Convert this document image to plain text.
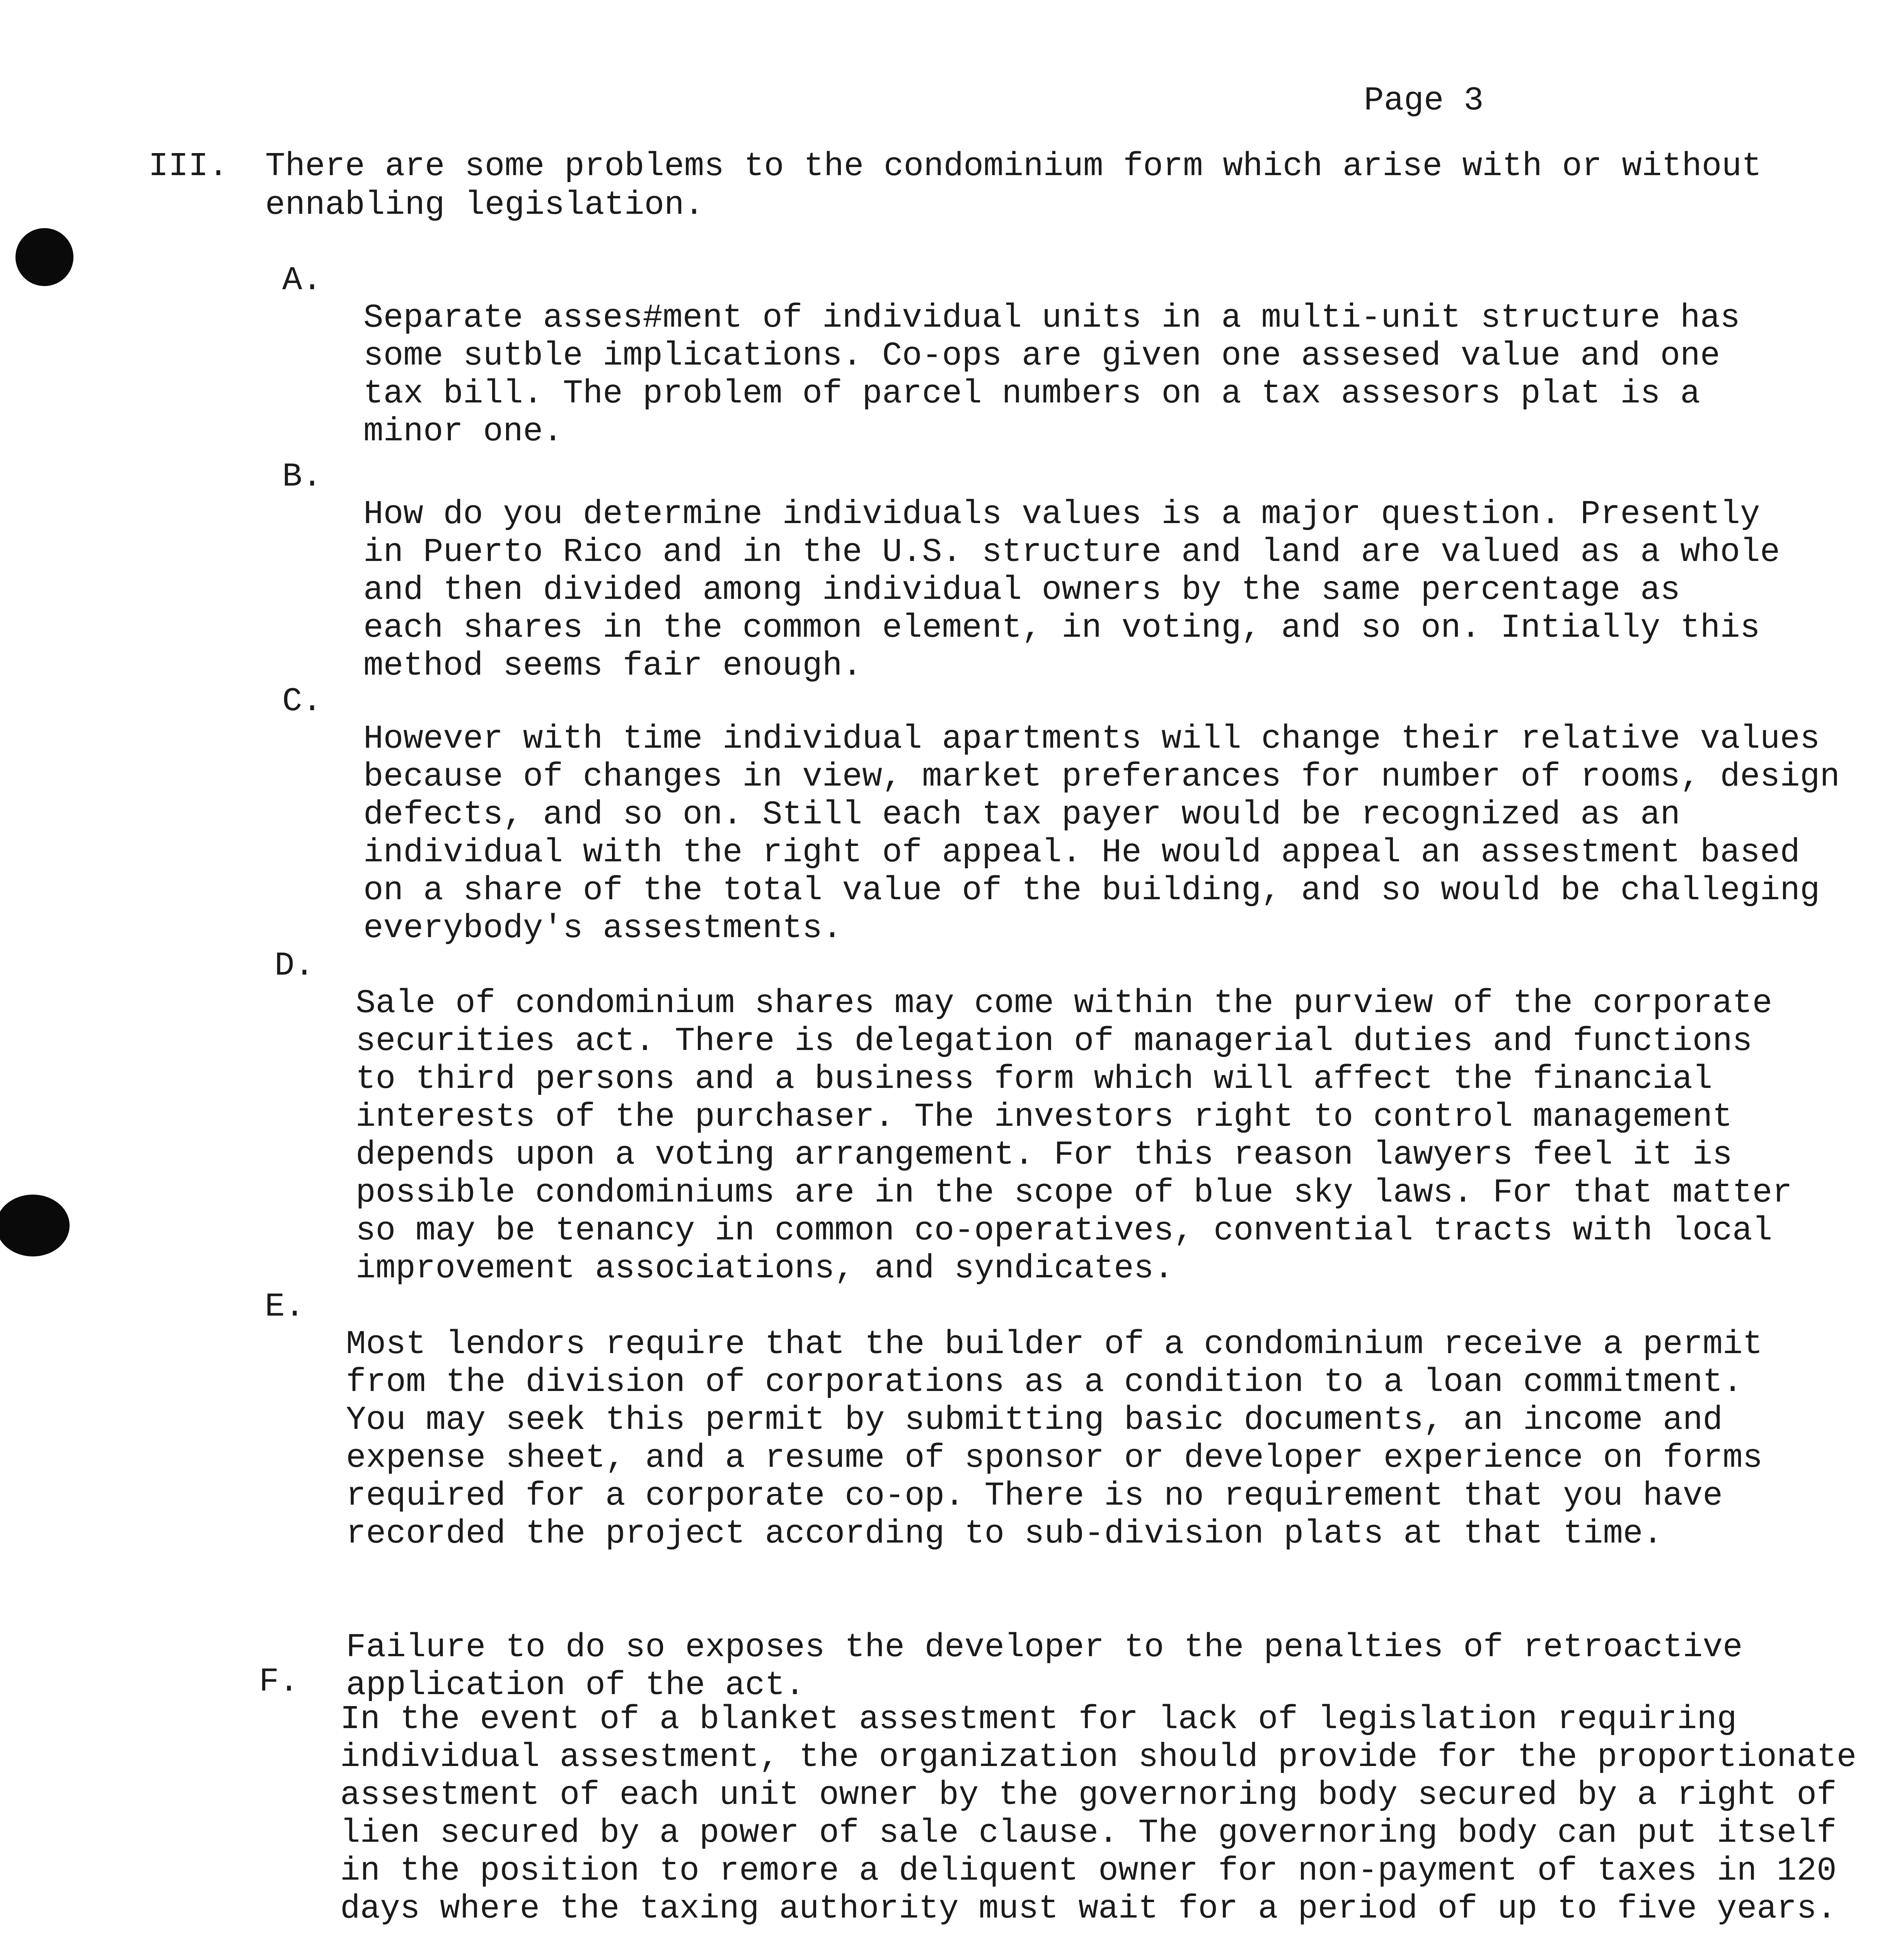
Page 3
III. There are some problems to the condominium form which arise with or without
ennabling legislation.
A.

Separate asses#ment of individual units in a multi-unit structure has
some sutble implications. Co-ops are given one assesed value and one
tax bill. The problem of parcel numbers on a tax assesors plat is a
minor one.

B.

How do you determine individuals values is a major question. Presently
in Puerto Rico and in the U.S. structure and land are valued as a whole
and then divided among individual owners by the same percentage as
each shares in the common element, in voting, and so on. Intially this
method seems fair enough.

C.

However with time individual apartments will change their relative values
because of changes in view, market preferances for number of rooms, design
defects, and so on. Still each tax payer would be recognized as an
individual with the right of appeal. He would appeal an assestment based
on a share of the total value of the building, and so would be challeging
everybody's assestments.

D.

Sale of condominium shares may come within the purview of the corporate
securities act. There is delegation of managerial duties and functions
to third persons and a business form which will affect the financial
interests of the purchaser. The investors right to control management
depends upon a voting arrangement. For this reason lawyers feel it is
possible condominiums are in the scope of blue sky laws. For that matter
so may be tenancy in common co-operatives, convential tracts with local
improvement associations, and syndicates.

E.

Most lendors require that the builder of a condominium receive a permit
from the division of corporations as a condition to a loan commitment.
You may seek this permit by submitting basic documents, an income and
expense sheet, and a resume of sponsor or developer experience on forms
required for a corporate co-op. There is no requirement that you have
recorded the project according to sub-division plats at that time.

Failure to do so exposes the developer to the penalties of retroactive
application of the act.

F.

In the event of a blanket assestment for lack of legislation requiring
individual assestment, the organization should provide for the proportionate
assestment of each unit owner by the governoring body secured by a right of
lien secured by a power of sale clause. The governoring body can put itself
in the position to remore a deliquent owner for non-payment of taxes in 120
days where the taxing authority must wait for a period of up to five years.
